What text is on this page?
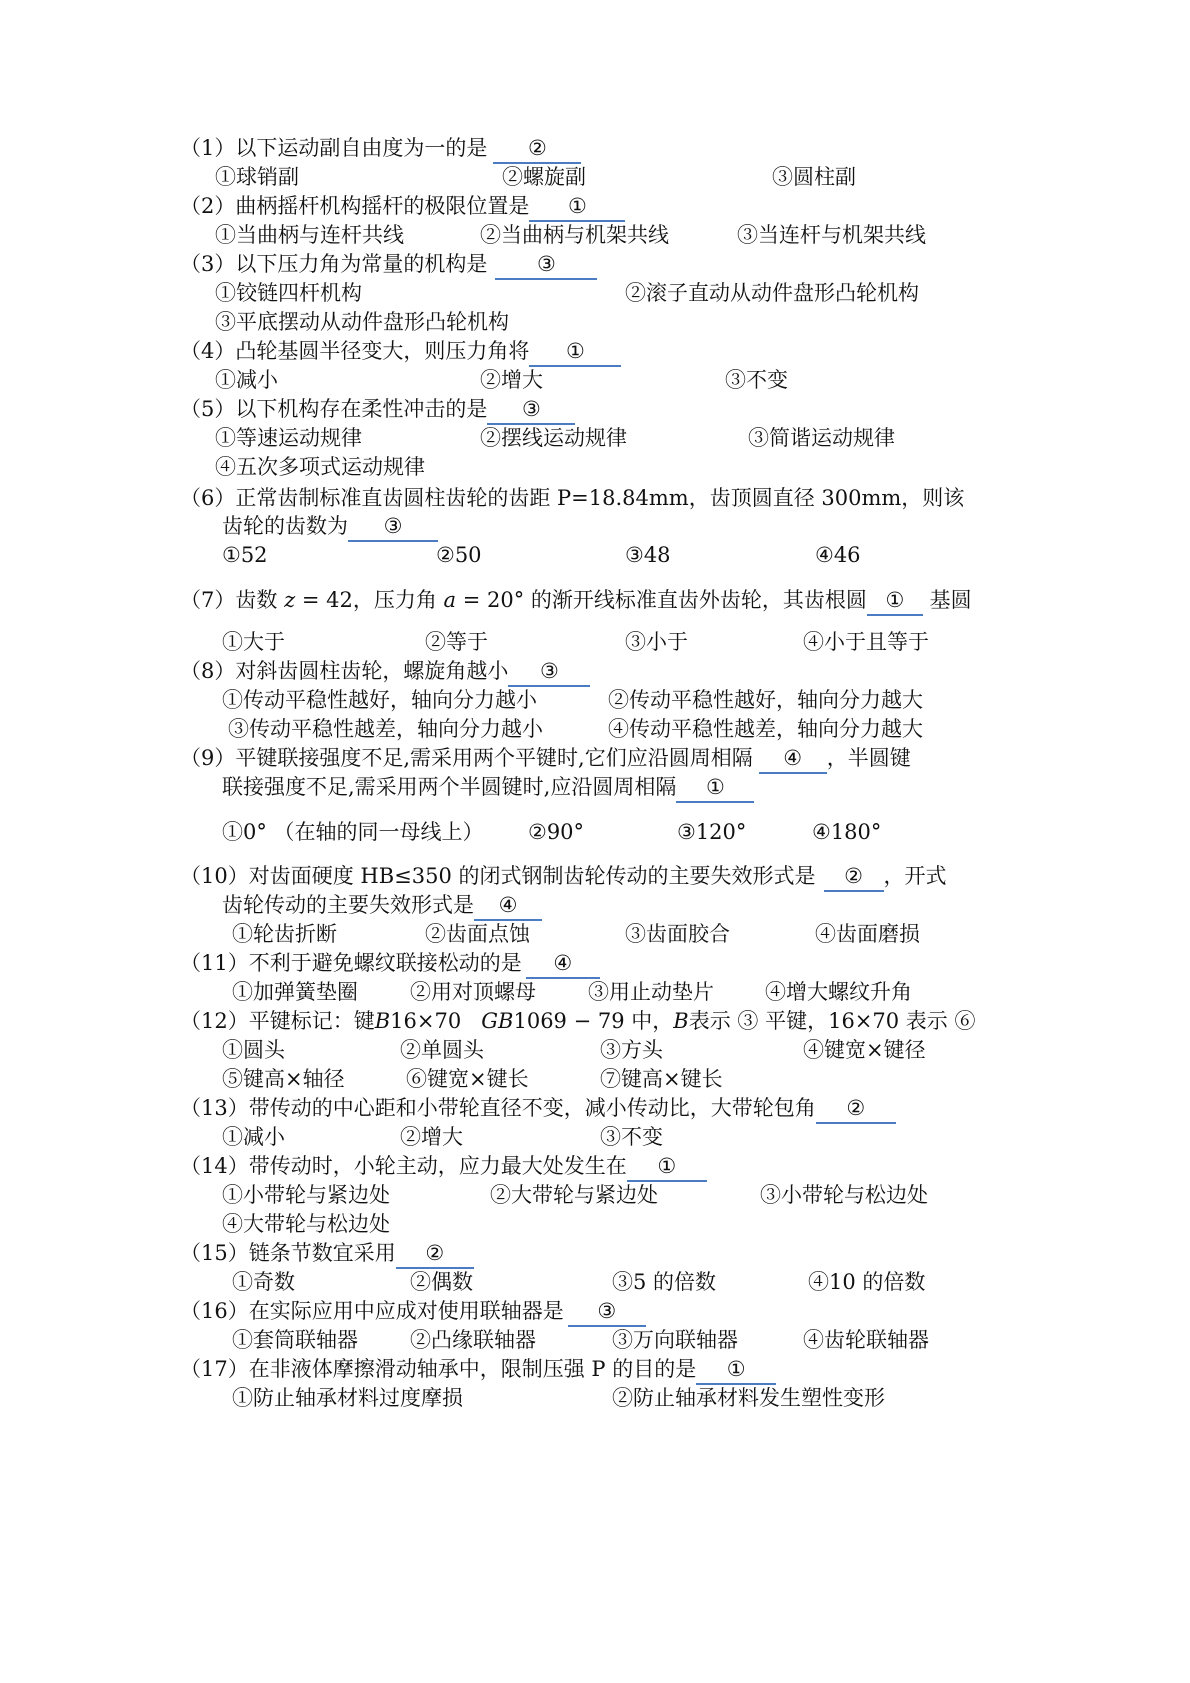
（1）以下运动副自由度为一的是 ②
①球销副	②螺旋副	③圆柱副
（2）曲柄摇杆机构摇杆的极限位置是 ①
①当曲柄与连杆共线	②当曲柄与机架共线	③当连杆与机架共线
（3）以下压力角为常量的机构是 ③
①铰链四杆机构	②滚子直动从动件盘形凸轮机构
③平底摆动从动件盘形凸轮机构
（4）凸轮基圆半径变大，则压力角将 ①
①减小	②增大	③不变
（5）以下机构存在柔性冲击的是 ③
①等速运动规律	②摆线运动规律	③简谐运动规律
④五次多项式运动规律
（6）正常齿制标准直齿圆柱齿轮的齿距 P=18.84mm，齿顶圆直径 300mm，则该
齿轮的齿数为 ③
①52	②50	③48	④46
（7）齿数 z = 42，压力角 a = 20° 的渐开线标准直齿外齿轮，其齿根圆 ① 基圆
①大于	②等于	③小于	④小于且等于
（8）对斜齿圆柱齿轮，螺旋角越小 ③
①传动平稳性越好，轴向分力越小	②传动平稳性越好，轴向分力越大
③传动平稳性越差，轴向分力越小	④传动平稳性越差，轴向分力越大
（9）平键联接强度不足,需采用两个平键时,它们应沿圆周相隔 ④ ，半圆键
联接强度不足,需采用两个半圆键时,应沿圆周相隔 ①
①0° （在轴的同一母线上） ②90°	③120°	④180°
（10）对齿面硬度 HB≤350 的闭式钢制齿轮传动的主要失效形式是 ② ，开式
齿轮传动的主要失效形式是 ④
①轮齿折断	②齿面点蚀	③齿面胶合	④齿面磨损
（11）不利于避免螺纹联接松动的是 ④
①加弹簧垫圈 ②用对顶螺母 ③用止动垫片 ④增大螺纹升角
（12）平键标记：键B16×70 GB1069 − 79 中，B表示 ③ 平键，16×70 表示 ⑥
①圆头	②单圆头	③方头	④键宽×键径
⑤键高×轴径	⑥键宽×键长	⑦键高×键长
（13）带传动的中心距和小带轮直径不变，减小传动比，大带轮包角 ②
①减小	②增大	③不变
（14）带传动时，小轮主动，应力最大处发生在 ①
①小带轮与紧边处	②大带轮与紧边处	③小带轮与松边处
④大带轮与松边处
（15）链条节数宜采用 ②
①奇数	②偶数	③5 的倍数	④10 的倍数
（16）在实际应用中应成对使用联轴器是 ③
①套筒联轴器 ②凸缘联轴器	③万向联轴器	④齿轮联轴器
（17）在非液体摩擦滑动轴承中，限制压强 P 的目的是 ①
①防止轴承材料过度摩损	②防止轴承材料发生塑性变形
